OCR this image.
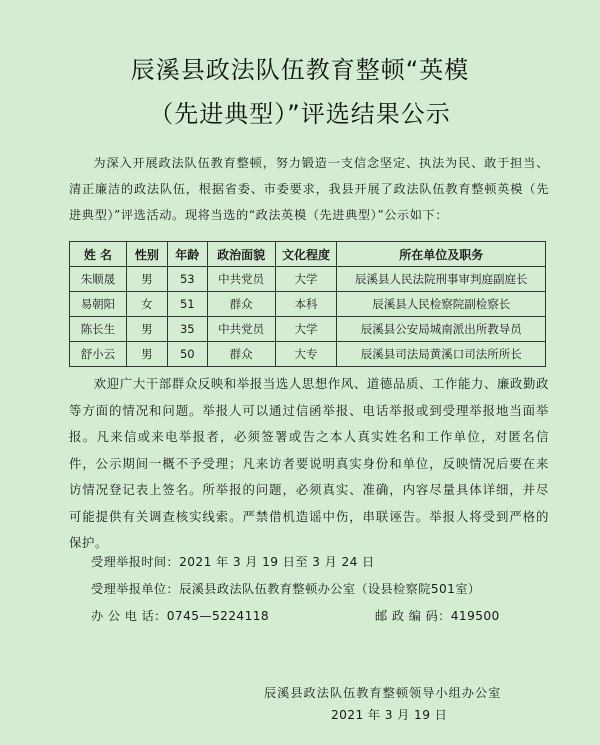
辰溪县政法队伍教育整顿“英模
（先进典型）”评选结果公示
为深入开展政法队伍教育整顿，努力锻造一支信念坚定、执法为民、敢于担当、清正廉洁的政法队伍，根据省委、市委要求，我县开展了政法队伍教育整顿英模（先进典型）”评选活动。现将当选的“政法英模（先进典型）”公示如下：
姓 名	性别	年龄	政治面貌	文化程度	所在单位及职务
朱顺晟	男	53	中共党员	大学	辰溪县人民法院刑事审判庭副庭长
易朝阳	女	51	群众	本科	辰溪县人民检察院副检察长
陈长生	男	35	中共党员	大学	辰溪县公安局城南派出所教导员
舒小云	男	50	群众	大专	辰溪县司法局黄溪口司法所所长
欢迎广大干部群众反映和举报当选人思想作风、道德品质、工作能力、廉政勤政等方面的情况和问题。举报人可以通过信函举报、电话举报或到受理举报地当面举报。凡来信或来电举报者，必须签署或告之本人真实姓名和工作单位，对匿名信件，公示期间一概不予受理；凡来访者要说明真实身份和单位，反映情况后要在来访情况登记表上签名。所举报的问题，必须真实、准确，内容尽量具体详细，并尽可能提供有关调查核实线索。严禁借机造谣中伤，串联诬告。举报人将受到严格的保护。
受理举报时间：2021 年 3 月 19 日至 3 月 24 日
受理举报单位：辰溪县政法队伍教育整顿办公室（设县检察院501室）
办 公 电 话：0745—5224118	邮 政 编 码：419500
辰溪县政法队伍教育整顿领导小组办公室
2021 年 3 月 19 日
